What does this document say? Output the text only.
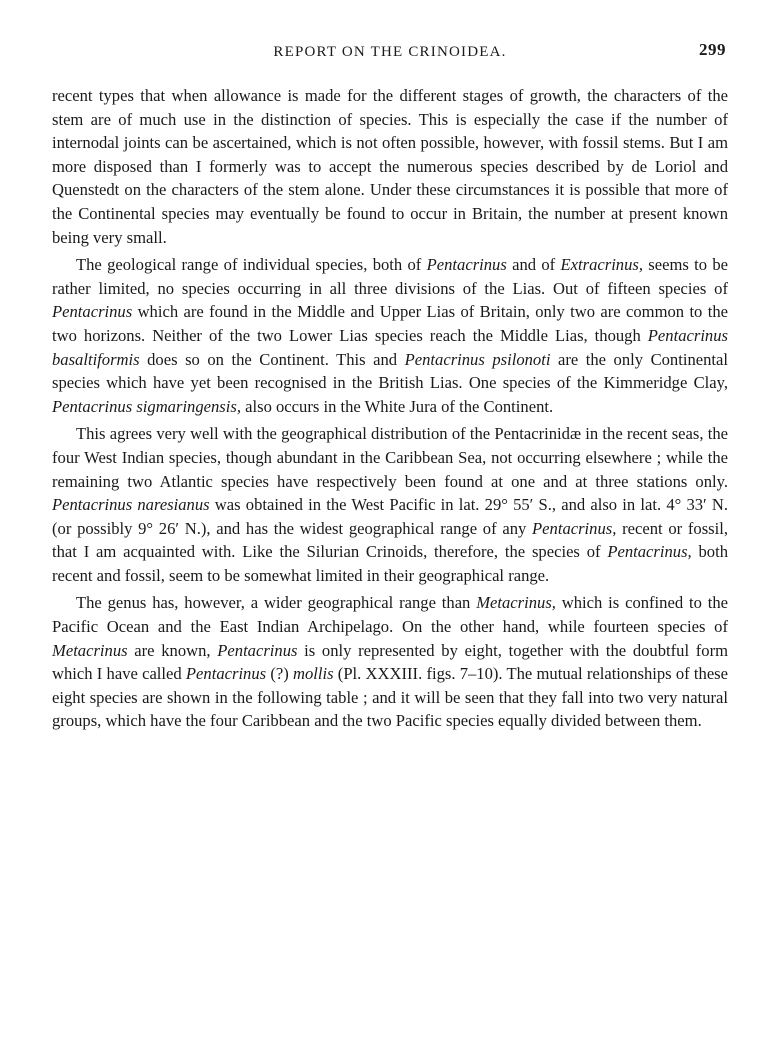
REPORT ON THE CRINOIDEA.	299

recent types that when allowance is made for the different stages of growth, the characters of the stem are of much use in the distinction of species. This is especially the case if the number of internodal joints can be ascertained, which is not often possible, however, with fossil stems. But I am more disposed than I formerly was to accept the numerous species described by de Loriol and Quenstedt on the characters of the stem alone. Under these circumstances it is possible that more of the Continental species may eventually be found to occur in Britain, the number at present known being very small.

The geological range of individual species, both of Pentacrinus and of Extracrinus, seems to be rather limited, no species occurring in all three divisions of the Lias. Out of fifteen species of Pentacrinus which are found in the Middle and Upper Lias of Britain, only two are common to the two horizons. Neither of the two Lower Lias species reach the Middle Lias, though Pentacrinus basaltiformis does so on the Continent. This and Pentacrinus psilonoti are the only Continental species which have yet been recognised in the British Lias. One species of the Kimmeridge Clay, Pentacrinus sigmaringensis, also occurs in the White Jura of the Continent.

This agrees very well with the geographical distribution of the Pentacrinidæ in the recent seas, the four West Indian species, though abundant in the Caribbean Sea, not occurring elsewhere ; while the remaining two Atlantic species have respectively been found at one and at three stations only. Pentacrinus naresianus was obtained in the West Pacific in lat. 29° 55′ S., and also in lat. 4° 33′ N. (or possibly 9° 26′ N.), and has the widest geographical range of any Pentacrinus, recent or fossil, that I am acquainted with. Like the Silurian Crinoids, therefore, the species of Pentacrinus, both recent and fossil, seem to be somewhat limited in their geographical range.

The genus has, however, a wider geographical range than Metacrinus, which is confined to the Pacific Ocean and the East Indian Archipelago. On the other hand, while fourteen species of Metacrinus are known, Pentacrinus is only represented by eight, together with the doubtful form which I have called Pentacrinus (?) mollis (Pl. XXXIII. figs. 7–10). The mutual relationships of these eight species are shown in the following table ; and it will be seen that they fall into two very natural groups, which have the four Caribbean and the two Pacific species equally divided between them.
